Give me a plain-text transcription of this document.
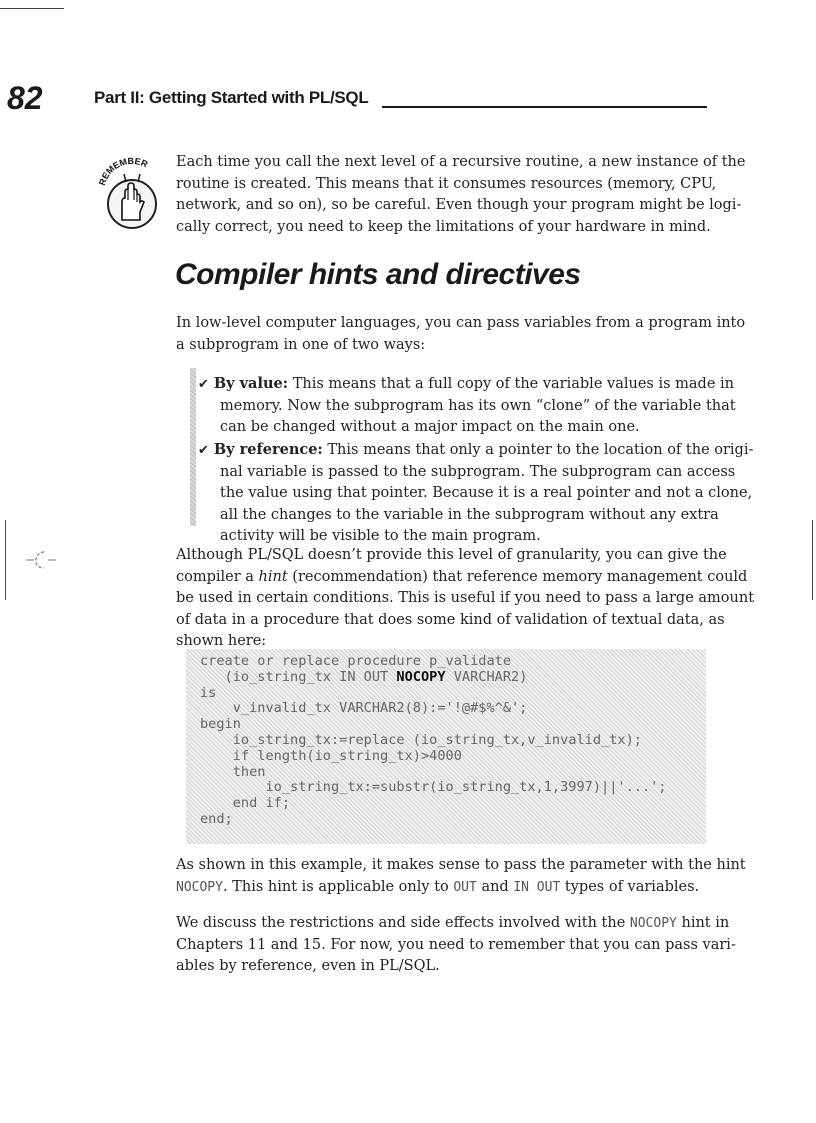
82	Part II: Getting Started with PL/SQL
REMEMBER Each time you call the next level of a recursive routine, a new instance of the
routine is created. This means that it consumes resources (memory, CPU,
network, and so on), so be careful. Even though your program might be logi-
cally correct, you need to keep the limitations of your hardware in mind.
Compiler hints and directives
In low-level computer languages, you can pass variables from a program into
a subprogram in one of two ways:
✔ By value: This means that a full copy of the variable values is made in
memory. Now the subprogram has its own “clone” of the variable that
can be changed without a major impact on the main one.
✔ By reference: This means that only a pointer to the location of the origi-
nal variable is passed to the subprogram. The subprogram can access
the value using that pointer. Because it is a real pointer and not a clone,
all the changes to the variable in the subprogram without any extra
activity will be visible to the main program.
Although PL/SQL doesn’t provide this level of granularity, you can give the
compiler a hint (recommendation) that reference memory management could
be used in certain conditions. This is useful if you need to pass a large amount
of data in a procedure that does some kind of validation of textual data, as
shown here:
create or replace procedure p_validate
(io_string_tx IN OUT NOCOPY VARCHAR2)
is
v_invalid_tx VARCHAR2(8):='!@#$%^&';
begin
io_string_tx:=replace (io_string_tx,v_invalid_tx);
if length(io_string_tx)>4000
then
io_string_tx:=substr(io_string_tx,1,3997)||'...';
end if;
end;
As shown in this example, it makes sense to pass the parameter with the hint
NOCOPY. This hint is applicable only to OUT and IN OUT types of variables.
We discuss the restrictions and side effects involved with the NOCOPY hint in
Chapters 11 and 15. For now, you need to remember that you can pass vari-
ables by reference, even in PL/SQL.
